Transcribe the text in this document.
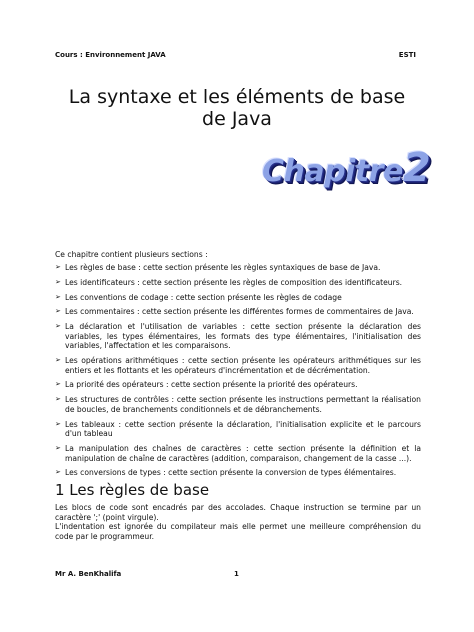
Cours : Environnement JAVA	ESTI
La syntaxe et les éléments de base de Java
Chapitre2
Ce chapitre contient plusieurs sections :
➢ Les règles de base : cette section présente les règles syntaxiques de base de Java.
➢ Les identificateurs : cette section présente les règles de composition des identificateurs.
➢ Les conventions de codage : cette section présente les règles de codage
➢ Les commentaires : cette section présente les différentes formes de commentaires de Java.
➢ La déclaration et l'utilisation de variables : cette section présente la déclaration des variables, les types élémentaires, les formats des type élémentaires, l'initialisation des variables, l'affectation et les comparaisons.
➢ Les opérations arithmétiques : cette section présente les opérateurs arithmétiques sur les entiers et les flottants et les opérateurs d'incrémentation et de décrémentation.
➢ La priorité des opérateurs : cette section présente la priorité des opérateurs.
➢ Les structures de contrôles : cette section présente les instructions permettant la réalisation de boucles, de branchements conditionnels et de débranchements.
➢ Les tableaux : cette section présente la déclaration, l'initialisation explicite et le parcours d'un tableau
➢ La manipulation des chaînes de caractères : cette section présente la définition et la manipulation de chaîne de caractères (addition, comparaison, changement de la casse ...).
➢ Les conversions de types : cette section présente la conversion de types élémentaires.
1 Les règles de base

Les blocs de code sont encadrés par des accolades. Chaque instruction se termine par un caractère ';' (point virgule).

L'indentation est ignorée du compilateur mais elle permet une meilleure compréhension du code par le programmeur.

Mr A. BenKhalifa	1
